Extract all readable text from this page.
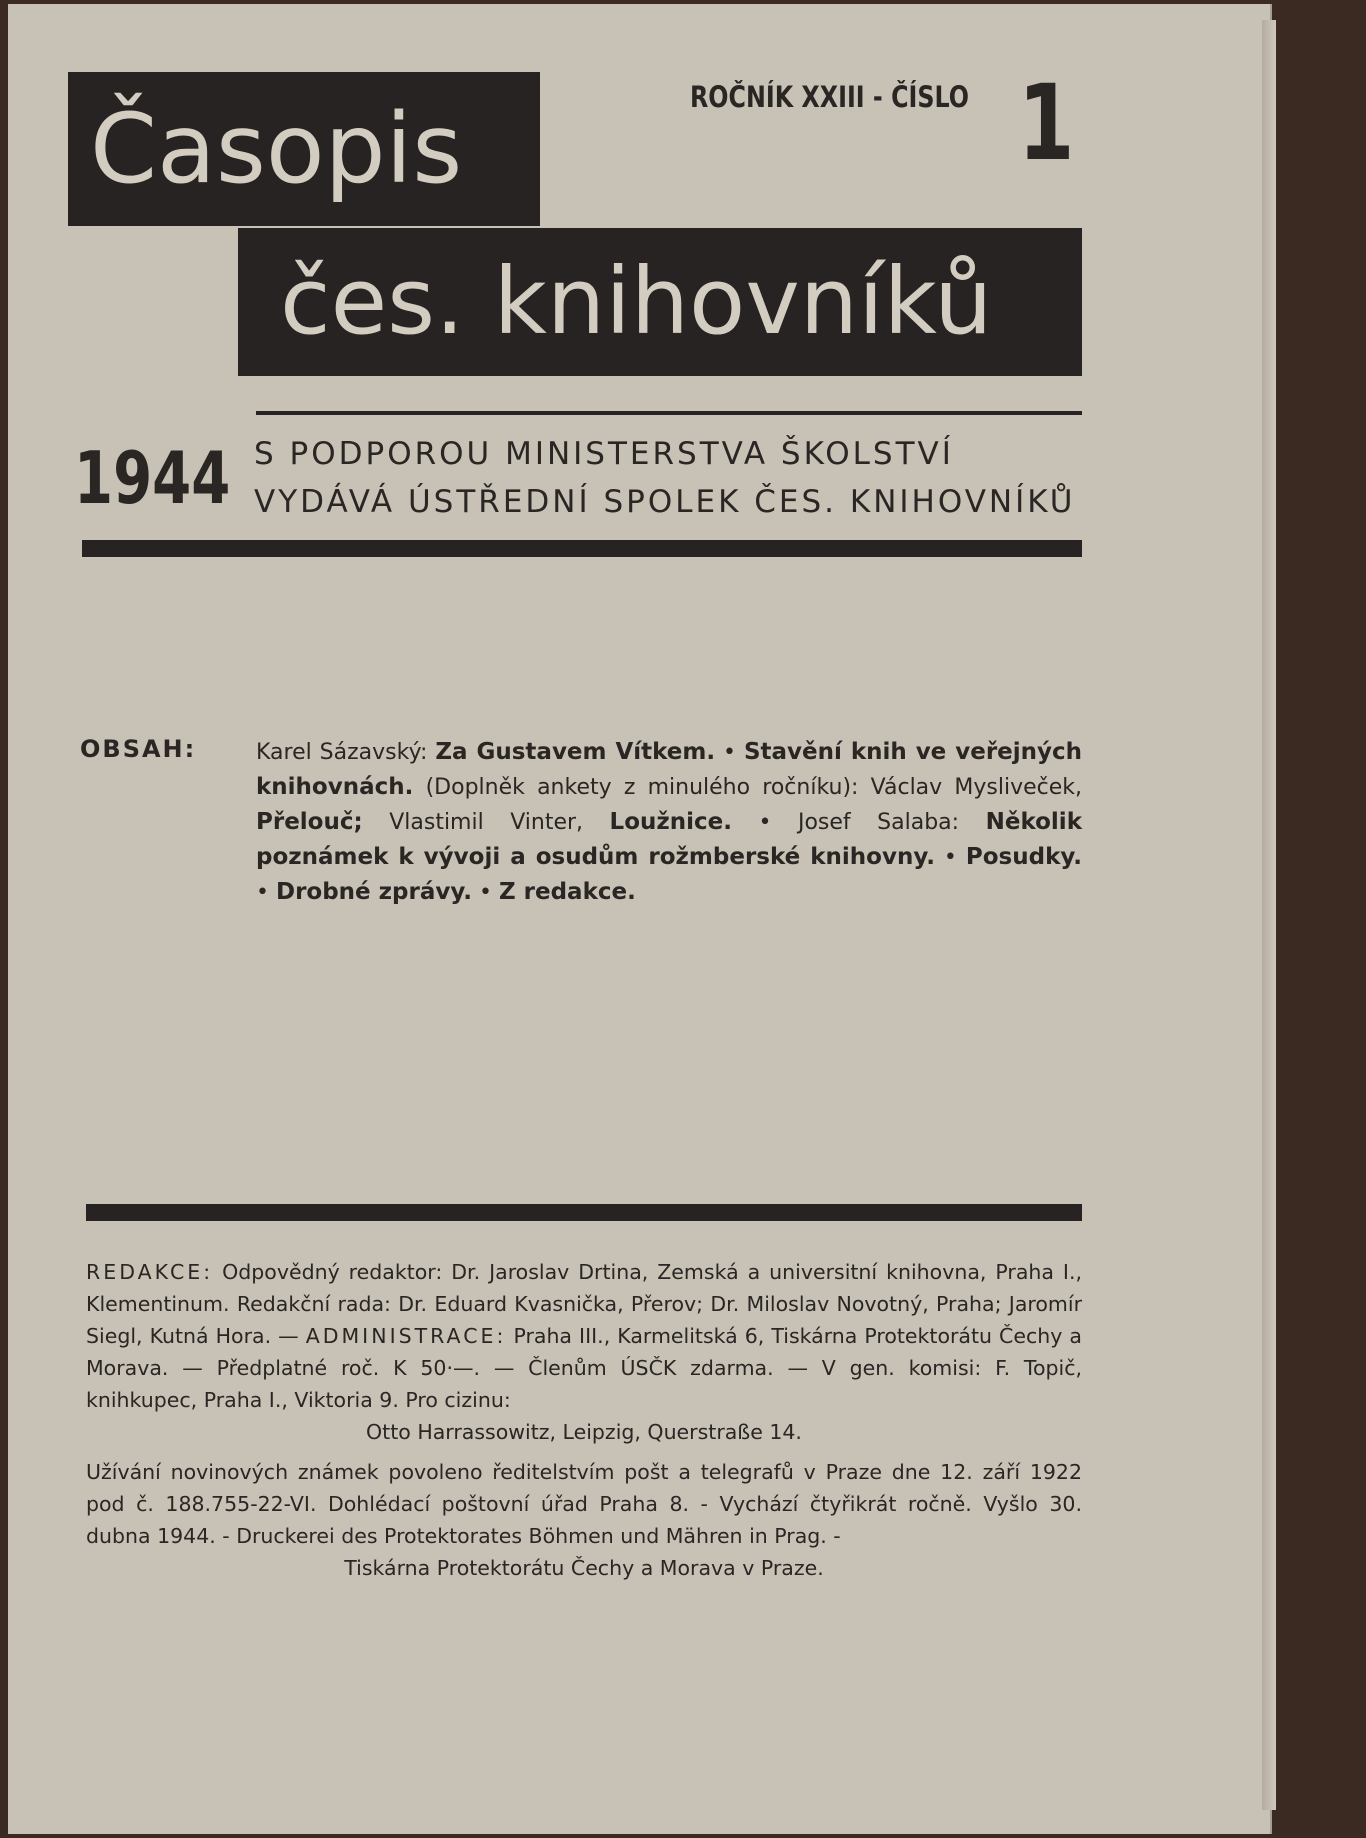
Časopis
čes. knihovníků
ROČNÍK XXIII - ČÍSLO 1
1944 S PODPOROU MINISTERSTVA ŠKOLSTVÍ
VYDÁVÁ ÚSTŘEDNÍ SPOLEK ČES. KNIHOVNÍKŮ
OBSAH:	Karel Sázavský: Za Gustavem Vítkem. • Stavění knih ve veřejných knihovnách. (Doplněk ankety z minulého ročníku): Václav Mysliveček, Přelouč; Vlastimil Vinter, Loužnice. • Josef Salaba: Několik poznámek k vývoji a osudům rožmberské knihovny. • Posudky. • Drobné zprávy. • Z redakce.
REDAKCE: Odpovědný redaktor: Dr. Jaroslav Drtina, Zemská a universitní knihovna, Praha I., Klementinum. Redakční rada: Dr. Eduard Kvasnička, Přerov; Dr. Miloslav Novotný, Praha; Jaromír Siegl, Kutná Hora. — ADMINISTRACE: Praha III., Karmelitská 6, Tiskárna Protektorátu Čechy a Morava. — Předplatné roč. K 50·—. — Členům ÚSČK zdarma. — V gen. komisi: F. Topič, knihkupec, Praha I., Viktoria 9. Pro cizinu:
Otto Harrassowitz, Leipzig, Querstraße 14.
Užívání novinových známek povoleno ředitelstvím pošt a telegrafů v Praze dne 12. září 1922 pod č. 188.755-22-VI. Dohlédací poštovní úřad Praha 8. - Vychází čtyřikrát ročně. Vyšlo 30. dubna 1944. - Druckerei des Protektorates Böhmen und Mähren in Prag. -
Tiskárna Protektorátu Čechy a Morava v Praze.
